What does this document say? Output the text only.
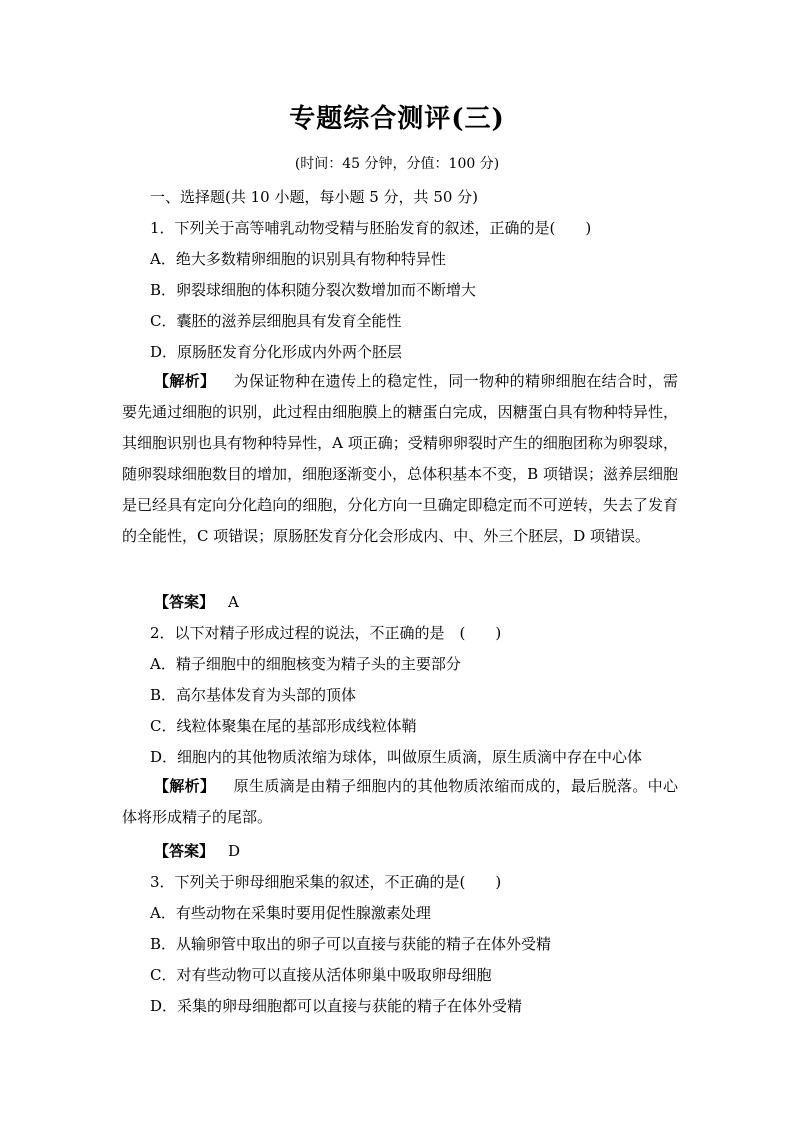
专题综合测评(三)
(时间：45 分钟，分值：100 分)
一、选择题(共 10 小题，每小题 5 分，共 50 分)
1．下列关于高等哺乳动物受精与胚胎发育的叙述，正确的是(　　)
A．绝大多数精卵细胞的识别具有物种特异性
B．卵裂球细胞的体积随分裂次数增加而不断增大
C．囊胚的滋养层细胞具有发育全能性
D．原肠胚发育分化形成内外两个胚层
【解析】 为保证物种在遗传上的稳定性，同一物种的精卵细胞在结合时，需要先通过细胞的识别，此过程由细胞膜上的糖蛋白完成，因糖蛋白具有物种特异性，其细胞识别也具有物种特异性，A 项正确；受精卵卵裂时产生的细胞团称为卵裂球，随卵裂球细胞数目的增加，细胞逐渐变小，总体积基本不变，B 项错误；滋养层细胞是已经具有定向分化趋向的细胞，分化方向一旦确定即稳定而不可逆转，失去了发育的全能性，C 项错误；原肠胚发育分化会形成内、中、外三个胚层，D 项错误。
【答案】 A
2．以下对精子形成过程的说法，不正确的是　(　　)
A．精子细胞中的细胞核变为精子头的主要部分
B．高尔基体发育为头部的顶体
C．线粒体聚集在尾的基部形成线粒体鞘
D．细胞内的其他物质浓缩为球体，叫做原生质滴，原生质滴中存在中心体
【解析】 原生质滴是由精子细胞内的其他物质浓缩而成的，最后脱落。中心体将形成精子的尾部。
【答案】 D
3．下列关于卵母细胞采集的叙述，不正确的是(　　)
A．有些动物在采集时要用促性腺激素处理
B．从输卵管中取出的卵子可以直接与获能的精子在体外受精
C．对有些动物可以直接从活体卵巢中吸取卵母细胞
D．采集的卵母细胞都可以直接与获能的精子在体外受精
